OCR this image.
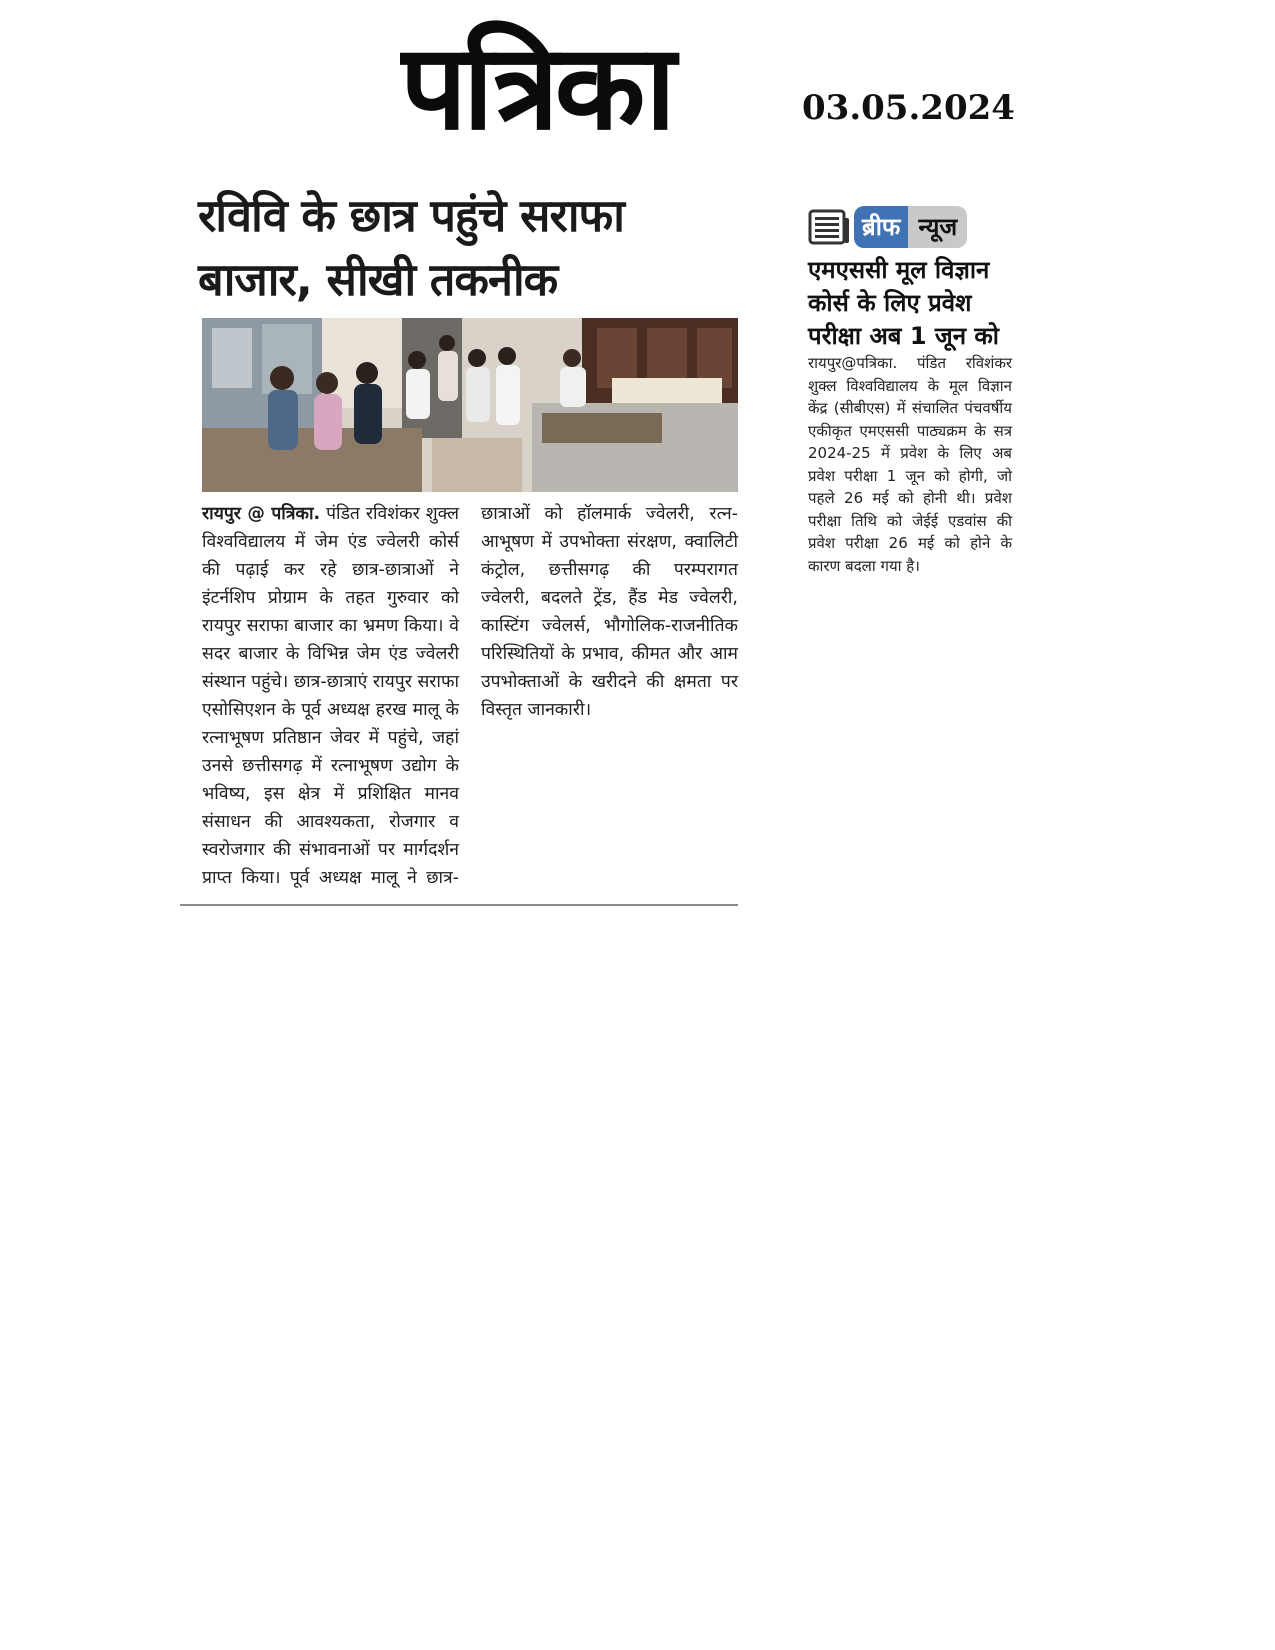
पत्रिका	03.05.2024
रविवि के छात्र पहुंचे सराफा बाजार, सीखी तकनीक
रायपुर @ पत्रिका. पंडित रविशंकर शुक्ल विश्वविद्यालय में जेम एंड ज्वेलरी कोर्स की पढ़ाई कर रहे छात्र-छात्राओं ने इंटर्नशिप प्रोग्राम के तहत गुरुवार को रायपुर सराफा बाजार का भ्रमण किया। वे सदर बाजार के विभिन्न जेम एंड ज्वेलरी संस्थान पहुंचे। छात्र-छात्राएं रायपुर सराफा एसोसिएशन के पूर्व अध्यक्ष हरख मालू के रत्नाभूषण प्रतिष्ठान जेवर में पहुंचे, जहां उनसे छत्तीसगढ़ में रत्नाभूषण उद्योग के भविष्य, इस क्षेत्र में प्रशिक्षित मानव संसाधन की आवश्यकता, रोजगार व स्वरोजगार की संभावनाओं पर मार्गदर्शन प्राप्त किया। पूर्व अध्यक्ष मालू ने छात्र-छात्राओं को हॉलमार्क ज्वेलरी, रत्न- आभूषण में उपभोक्ता संरक्षण, क्वालिटी कंट्रोल, छत्तीसगढ़ की परम्परागत ज्वेलरी, बदलते ट्रेंड, हैंड मेड ज्वेलरी, कास्टिंग ज्वेलर्स, भौगोलिक-राजनीतिक परिस्थितियों के प्रभाव, कीमत और आम उपभोक्ताओं के खरीदने की क्षमता पर विस्तृत जानकारी।
ब्रीफ न्यूज
एमएससी मूल विज्ञान कोर्स के लिए प्रवेश परीक्षा अब 1 जून को
रायपुर@पत्रिका. पंडित रविशंकर शुक्ल विश्वविद्यालय के मूल विज्ञान केंद्र (सीबीएस) में संचालित पंचवर्षीय एकीकृत एमएससी पाठ्यक्रम के सत्र 2024-25 में प्रवेश के लिए अब प्रवेश परीक्षा 1 जून को होगी, जो पहले 26 मई को होनी थी। प्रवेश परीक्षा तिथि को जेईई एडवांस की प्रवेश परीक्षा 26 मई को होने के कारण बदला गया है।
